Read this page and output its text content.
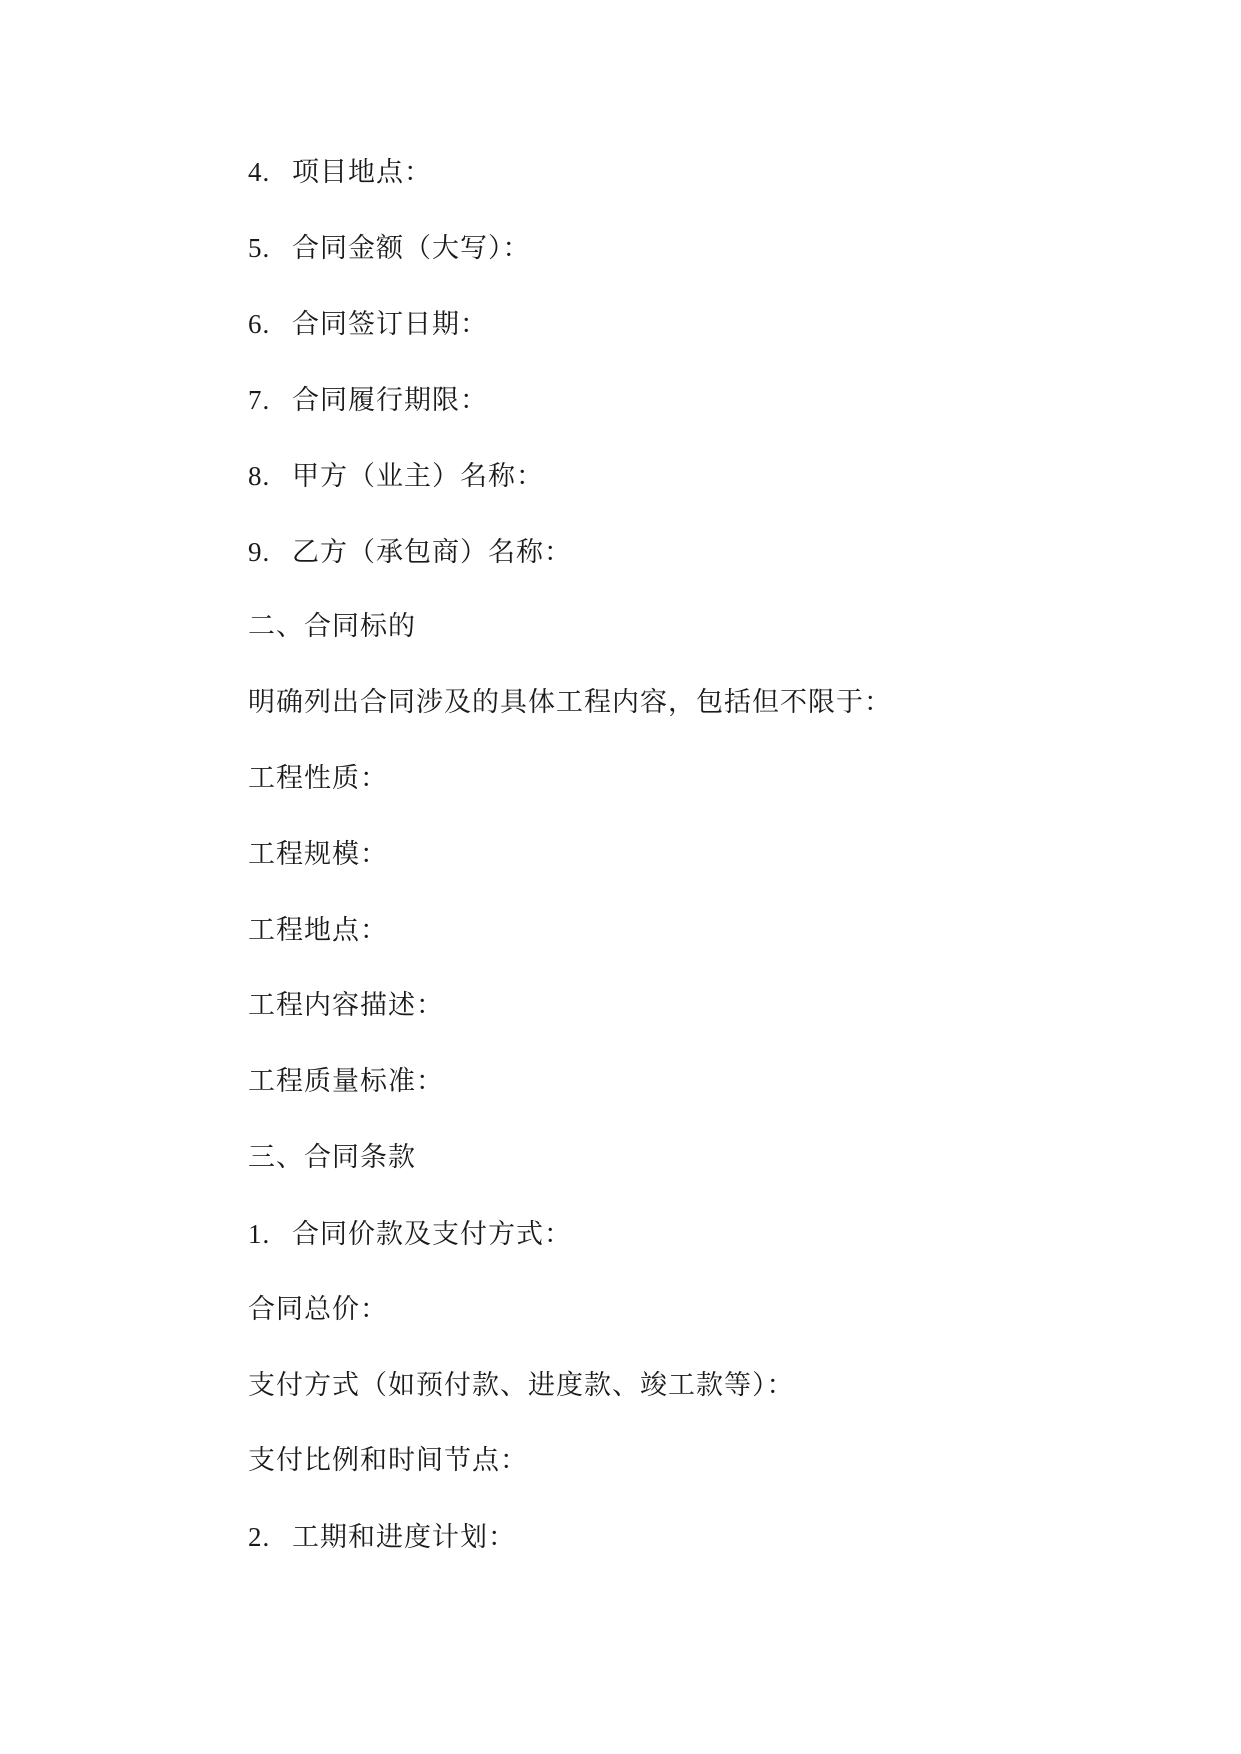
4. 项目地点：
5. 合同金额（大写）：
6. 合同签订日期：
7. 合同履行期限：
8. 甲方（业主）名称：
9. 乙方（承包商）名称：
二、合同标的
明确列出合同涉及的具体工程内容，包括但不限于：
工程性质：
工程规模：
工程地点：
工程内容描述：
工程质量标准：
三、合同条款
1. 合同价款及支付方式：
合同总价：
支付方式（如预付款、进度款、竣工款等）：
支付比例和时间节点：
2. 工期和进度计划：
